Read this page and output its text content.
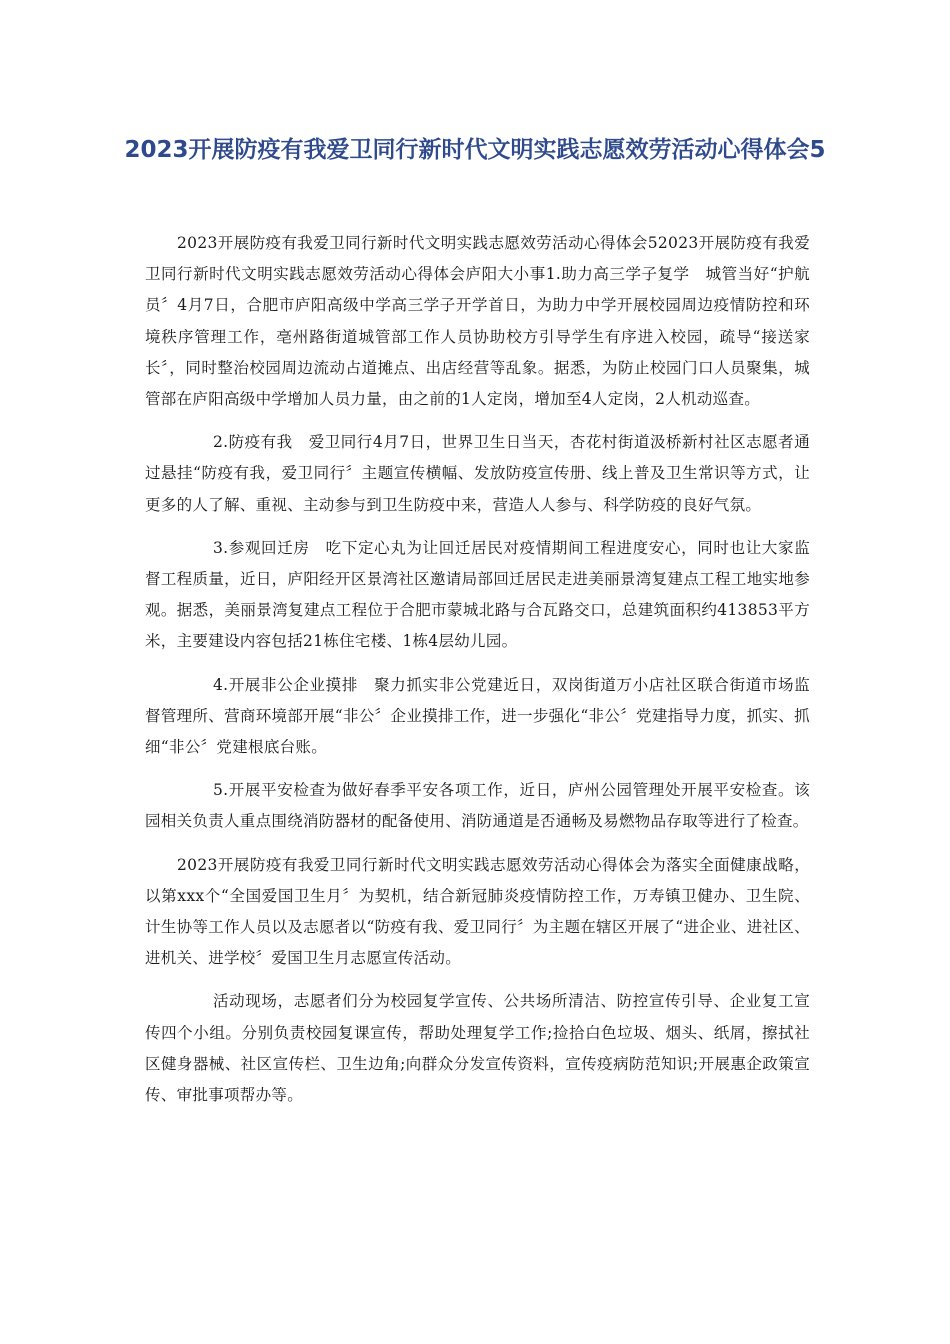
2023开展防疫有我爱卫同行新时代文明实践志愿效劳活动心得体会5

2023开展防疫有我爱卫同行新时代文明实践志愿效劳活动心得体会52023开展防疫有我爱卫同行新时代文明实践志愿效劳活动心得体会庐阳大小事1.助力高三学子复学　城管当好“护航员〞4月7日，合肥市庐阳高级中学高三学子开学首日，为助力中学开展校园周边疫情防控和环境秩序管理工作，亳州路街道城管部工作人员协助校方引导学生有序进入校园，疏导“接送家长〞，同时整治校园周边流动占道摊点、出店经营等乱象。据悉，为防止校园门口人员聚集，城管部在庐阳高级中学增加人员力量，由之前的1人定岗，增加至4人定岗，2人机动巡查。

2.防疫有我　爱卫同行4月7日，世界卫生日当天，杏花村街道汲桥新村社区志愿者通过悬挂“防疫有我，爱卫同行〞主题宣传横幅、发放防疫宣传册、线上普及卫生常识等方式，让更多的人了解、重视、主动参与到卫生防疫中来，营造人人参与、科学防疫的良好气氛。

3.参观回迁房　吃下定心丸为让回迁居民对疫情期间工程进度安心，同时也让大家监督工程质量，近日，庐阳经开区景湾社区邀请局部回迁居民走进美丽景湾复建点工程工地实地参观。据悉，美丽景湾复建点工程位于合肥市蒙城北路与合瓦路交口，总建筑面积约413853平方米，主要建设内容包括21栋住宅楼、1栋4层幼儿园。

4.开展非公企业摸排　聚力抓实非公党建近日，双岗街道万小店社区联合街道市场监督管理所、营商环境部开展“非公〞企业摸排工作，进一步强化“非公〞党建指导力度，抓实、抓细“非公〞党建根底台账。

5.开展平安检查为做好春季平安各项工作，近日，庐州公园管理处开展平安检查。该园相关负责人重点围绕消防器材的配备使用、消防通道是否通畅及易燃物品存取等进行了检查。

2023开展防疫有我爱卫同行新时代文明实践志愿效劳活动心得体会为落实全面健康战略，以第xxx个“全国爱国卫生月〞为契机，结合新冠肺炎疫情防控工作，万寿镇卫健办、卫生院、计生协等工作人员以及志愿者以“防疫有我、爱卫同行〞为主题在辖区开展了“进企业、进社区、进机关、进学校〞爱国卫生月志愿宣传活动。

活动现场，志愿者们分为校园复学宣传、公共场所清洁、防控宣传引导、企业复工宣传四个小组。分别负责校园复课宣传，帮助处理复学工作;捡拾白色垃圾、烟头、纸屑，擦拭社区健身器械、社区宣传栏、卫生边角;向群众分发宣传资料，宣传疫病防范知识;开展惠企政策宣传、审批事项帮办等。
